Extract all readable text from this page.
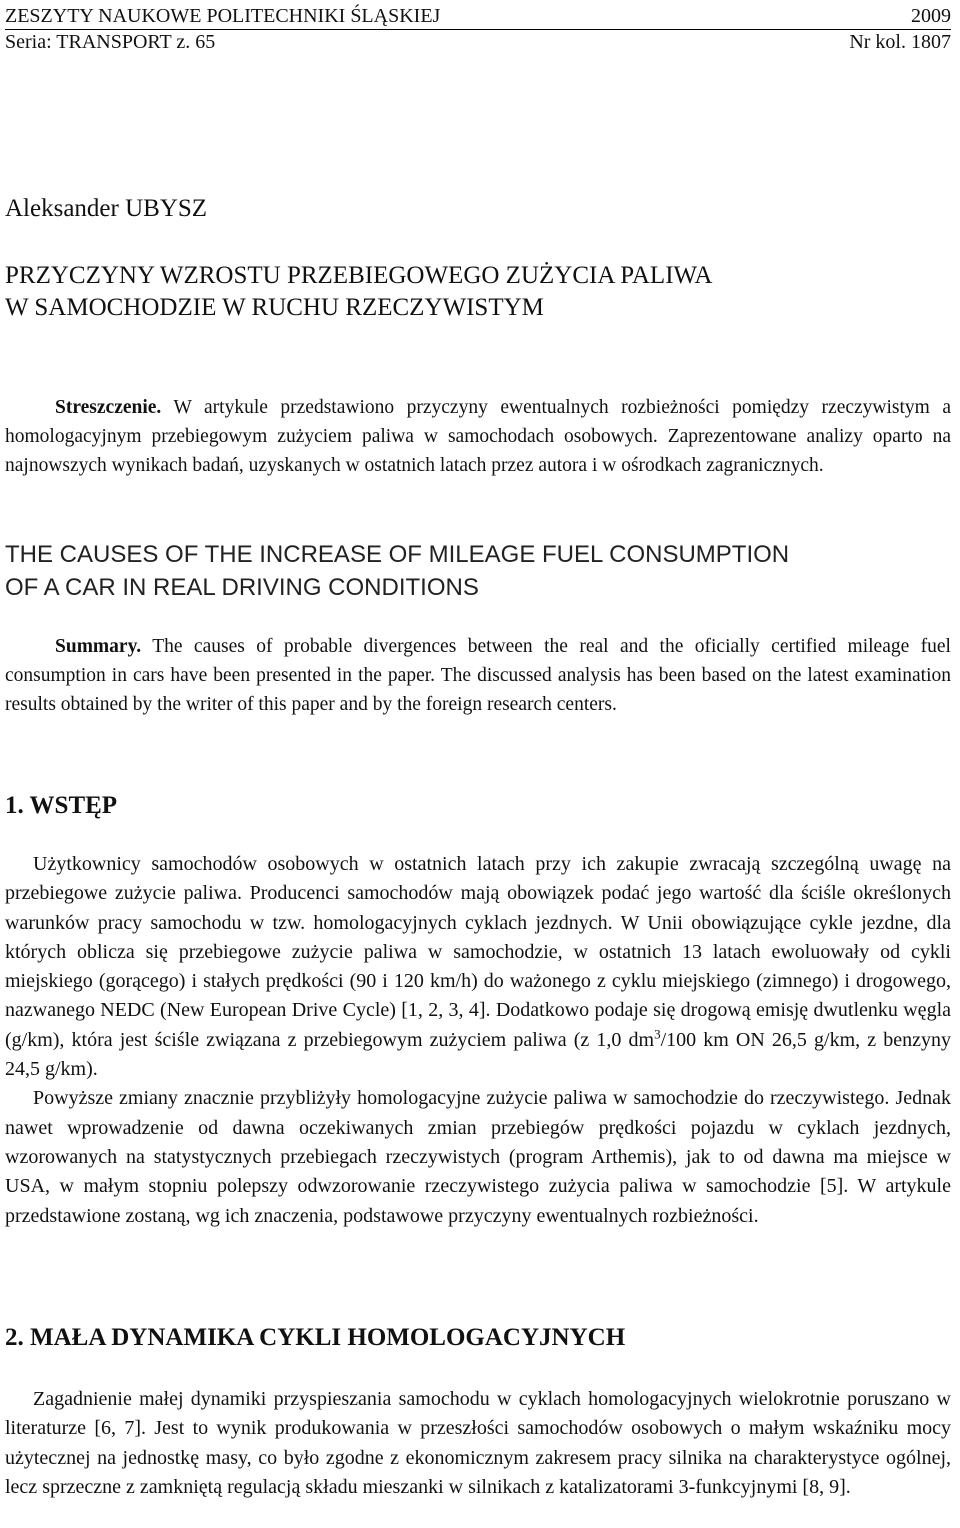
ZESZYTY NAUKOWE POLITECHNIKI ŚLĄSKIEJ	2009
Seria: TRANSPORT z. 65	Nr kol. 1807
Aleksander UBYSZ
PRZYCZYNY WZROSTU PRZEBIEGOWEGO ZUŻYCIA PALIWA
W SAMOCHODZIE W RUCHU RZECZYWISTYM
Streszczenie. W artykule przedstawiono przyczyny ewentualnych rozbieżności pomiędzy rzeczywistym a homologacyjnym przebiegowym zużyciem paliwa w samochodach osobowych. Zaprezentowane analizy oparto na najnowszych wynikach badań, uzyskanych w ostatnich latach przez autora i w ośrodkach zagranicznych.
THE CAUSES OF THE INCREASE OF MILEAGE FUEL CONSUMPTION
OF A CAR IN REAL DRIVING CONDITIONS
Summary. The causes of probable divergences between the real and the oficially certified mileage fuel consumption in cars have been presented in the paper. The discussed analysis has been based on the latest examination results obtained by the writer of this paper and by the foreign research centers.
1. WSTĘP
Użytkownicy samochodów osobowych w ostatnich latach przy ich zakupie zwracają szczególną uwagę na przebiegowe zużycie paliwa. Producenci samochodów mają obowiązek podać jego wartość dla ściśle określonych warunków pracy samochodu w tzw. homologacyjnych cyklach jezdnych. W Unii obowiązujące cykle jezdne, dla których oblicza się przebiegowe zużycie paliwa w samochodzie, w ostatnich 13 latach ewoluowały od cykli miejskiego (gorącego) i stałych prędkości (90 i 120 km/h) do ważonego z cyklu miejskiego (zimnego) i drogowego, nazwanego NEDC (New European Drive Cycle) [1, 2, 3, 4]. Dodatkowo podaje się drogową emisję dwutlenku węgla (g/km), która jest ściśle związana z przebiegowym zużyciem paliwa (z 1,0 $dm^3/100$ km ON 26,5 g/km, z benzyny 24,5 g/km).
Powyższe zmiany znacznie przybliżyły homologacyjne zużycie paliwa w samochodzie do rzeczywistego. Jednak nawet wprowadzenie od dawna oczekiwanych zmian przebiegów prędkości pojazdu w cyklach jezdnych, wzorowanych na statystycznych przebiegach rzeczywistych (program Arthemis), jak to od dawna ma miejsce w USA, w małym stopniu polepszy odwzorowanie rzeczywistego zużycia paliwa w samochodzie [5]. W artykule przedstawione zostaną, wg ich znaczenia, podstawowe przyczyny ewentualnych rozbieżności.
2. MAŁA DYNAMIKA CYKLI HOMOLOGACYJNYCH
Zagadnienie małej dynamiki przyspieszania samochodu w cyklach homologacyjnych wielokrotnie poruszano w literaturze [6, 7]. Jest to wynik produkowania w przeszłości samochodów osobowych o małym wskaźniku mocy użytecznej na jednostkę masy, co było zgodne z ekonomicznym zakresem pracy silnika na charakterystyce ogólnej, lecz sprzeczne z zamkniętą regulacją składu mieszanki w silnikach z katalizatorami 3-funkcyjnymi [8, 9].
